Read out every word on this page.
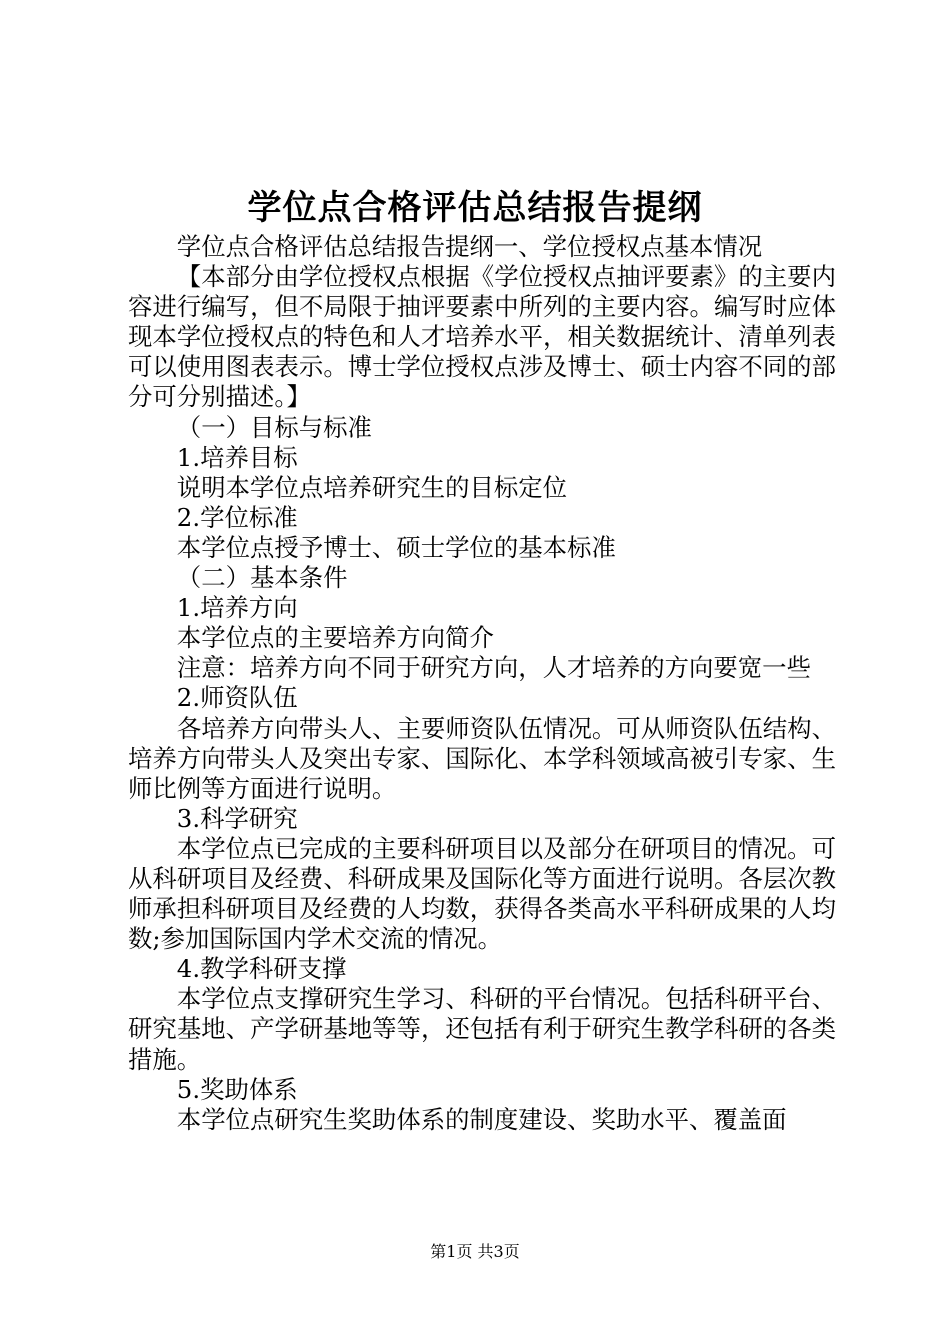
学位点合格评估总结报告提纲

学位点合格评估总结报告提纲一、学位授权点基本情况

【本部分由学位授权点根据《学位授权点抽评要素》的主要内容进行编写，但不局限于抽评要素中所列的主要内容。编写时应体现本学位授权点的特色和人才培养水平，相关数据统计、清单列表可以使用图表表示。博士学位授权点涉及博士、硕士内容不同的部分可分别描述。】

（一）目标与标准

1.培养目标

说明本学位点培养研究生的目标定位

2.学位标准

本学位点授予博士、硕士学位的基本标准

（二）基本条件

1.培养方向

本学位点的主要培养方向简介

注意：培养方向不同于研究方向，人才培养的方向要宽一些

2.师资队伍

各培养方向带头人、主要师资队伍情况。可从师资队伍结构、培养方向带头人及突出专家、国际化、本学科领域高被引专家、生师比例等方面进行说明。

3.科学研究

本学位点已完成的主要科研项目以及部分在研项目的情况。可从科研项目及经费、科研成果及国际化等方面进行说明。各层次教师承担科研项目及经费的人均数，获得各类高水平科研成果的人均数;参加国际国内学术交流的情况。

4.教学科研支撑

本学位点支撑研究生学习、科研的平台情况。包括科研平台、研究基地、产学研基地等等，还包括有利于研究生教学科研的各类措施。

5.奖助体系

本学位点研究生奖助体系的制度建设、奖助水平、覆盖面

第1页 共3页
